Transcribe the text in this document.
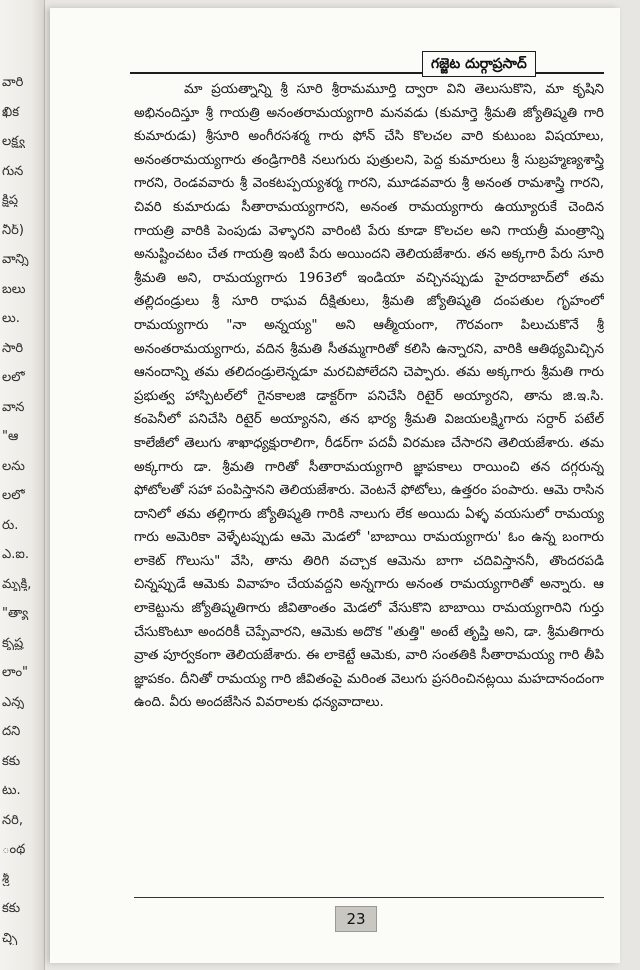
వారి
ఖిక
లక్ష్య
గున
క్షిప్త
నీర్)
వాన్ని
బలు
లు.
సారి
లలో
వాన
"ఆ
లను
లలో
రు.
ఎ.ఐ.
మృక్తి,
"త్యా
కృష్ణ
లాం"
ఎన్న
దని
కకు
టు.
నరి,
ంథ
శ్రీ
కకు
చ్చి
గజ్జెట దుర్గాప్రసాద్

మా ప్రయత్నాన్ని శ్రీ సూరి శ్రీరామమూర్తి ద్వారా విని తెలుసుకొని, మా కృషిని అభినందిస్తూ శ్రీ గాయత్రి అనంతరామయ్యగారి మనవడు (కుమార్తె శ్రీమతి జ్యోతిష్మతి గారి కుమారుడు) శ్రీసూరి అంగీరసశర్మ గారు ఫోన్ చేసి కొలచల వారి కుటుంబ విషయాలు, అనంతరామయ్యగారు తండ్రిగారికి నలుగురు పుత్రులని, పెద్ద కుమారులు శ్రీ సుబ్రహ్మణ్యశాస్త్రి గారని, రెండవవారు శ్రీ వెంకటప్పయ్యశర్మ గారని, మూడవవారు శ్రీ అనంత రామశాస్త్రి గారని, చివరి కుమారుడు సీతారామయ్యగారని, అనంత రామయ్యగారు ఉయ్యూరుకే చెందిన గాయత్రి వారికి పెంపుడు వెళ్ళారని వారింటి పేరు కూడా కొలచల అని గాయత్రీ మంత్రాన్ని అనుష్టించటం చేత గాయత్రి ఇంటి పేరు అయిందని తెలియజేశారు. తన అక్కగారి పేరు సూరి శ్రీమతి అని, రామయ్యగారు 1963లో ఇండియా వచ్చినప్పుడు హైదరాబాద్‌లో తమ తల్లిదండ్రులు శ్రీ సూరి రాఘవ దీక్షితులు, శ్రీమతి జ్యోతిష్మతి దంపతుల గృహంలో రామయ్యగారు "నా అన్నయ్య" అని ఆత్మీయంగా, గౌరవంగా పిలుచుకొనే శ్రీ అనంతరామయ్యగారు, వదిన శ్రీమతి సీతమ్మగారితో కలిసి ఉన్నారని, వారికి ఆతిథ్యమిచ్చిన ఆనందాన్ని తమ తలిదండ్రులెన్నడూ మరచిపోలేదని చెప్పారు. తమ అక్కగారు శ్రీమతి గారు ప్రభుత్వ హాస్పిటల్‌లో గైనకాలజి డాక్టర్‌గా పనిచేసి రిటైర్ అయ్యారని, తాను జి.ఇ.సి. కంపెనీలో పనిచేసి రిటైర్ అయ్యానని, తన భార్య శ్రీమతి విజయలక్ష్మిగారు సర్దార్ పటేల్ కాలేజీలో తెలుగు శాఖాధ్యక్షురాలిగా, రీడర్‌గా పదవీ విరమణ చేసారని తెలియజేశారు. తమ అక్కగారు డా. శ్రీమతి గారితో సీతారామయ్యగారి జ్ఞాపకాలు రాయించి తన దగ్గరున్న ఫోటోలతో సహా పంపిస్తానని తెలియజేశారు. వెంటనే ఫోటోలు, ఉత్తరం పంపారు. ఆమె రాసిన దానిలో తమ తల్లిగారు జ్యోతిష్మతి గారికి నాలుగు లేక అయిదు ఏళ్ళ వయసులో రామయ్య గారు అమెరికా వెళ్ళేటప్పుడు ఆమె మెడలో 'బాబాయి రామయ్యగారు' ఓం ఉన్న బంగారు లాకెట్ గొలుసు" వేసి, తాను తిరిగి వచ్చాక ఆమెను బాగా చదివిస్తాననీ, తొందరపడి చిన్నప్పుడే ఆమెకు వివాహం చేయవద్దని అన్నగారు అనంత రామయ్యగారితో అన్నారు. ఆ లాకెట్టును జ్యోతిష్మతిగారు జీవితాంతం మెడలో వేసుకొని బాబాయి రామయ్యగారిని గుర్తు చేసుకొంటూ అందరికీ చెప్పేవారని, ఆమెకు అదొక "తుత్తి" అంటే తృప్తి అని, డా. శ్రీమతిగారు వ్రాత పూర్వకంగా తెలియజేశారు. ఈ లాకెట్టే ఆమెకు, వారి సంతతికి సీతారామయ్య గారి తీపి జ్ఞాపకం. దీనితో రామయ్య గారి జీవితంపై మరింత వెలుగు ప్రసరించినట్లయి మహదానందంగా ఉంది. వీరు అందజేసిన వివరాలకు ధన్యవాదాలు.

23
